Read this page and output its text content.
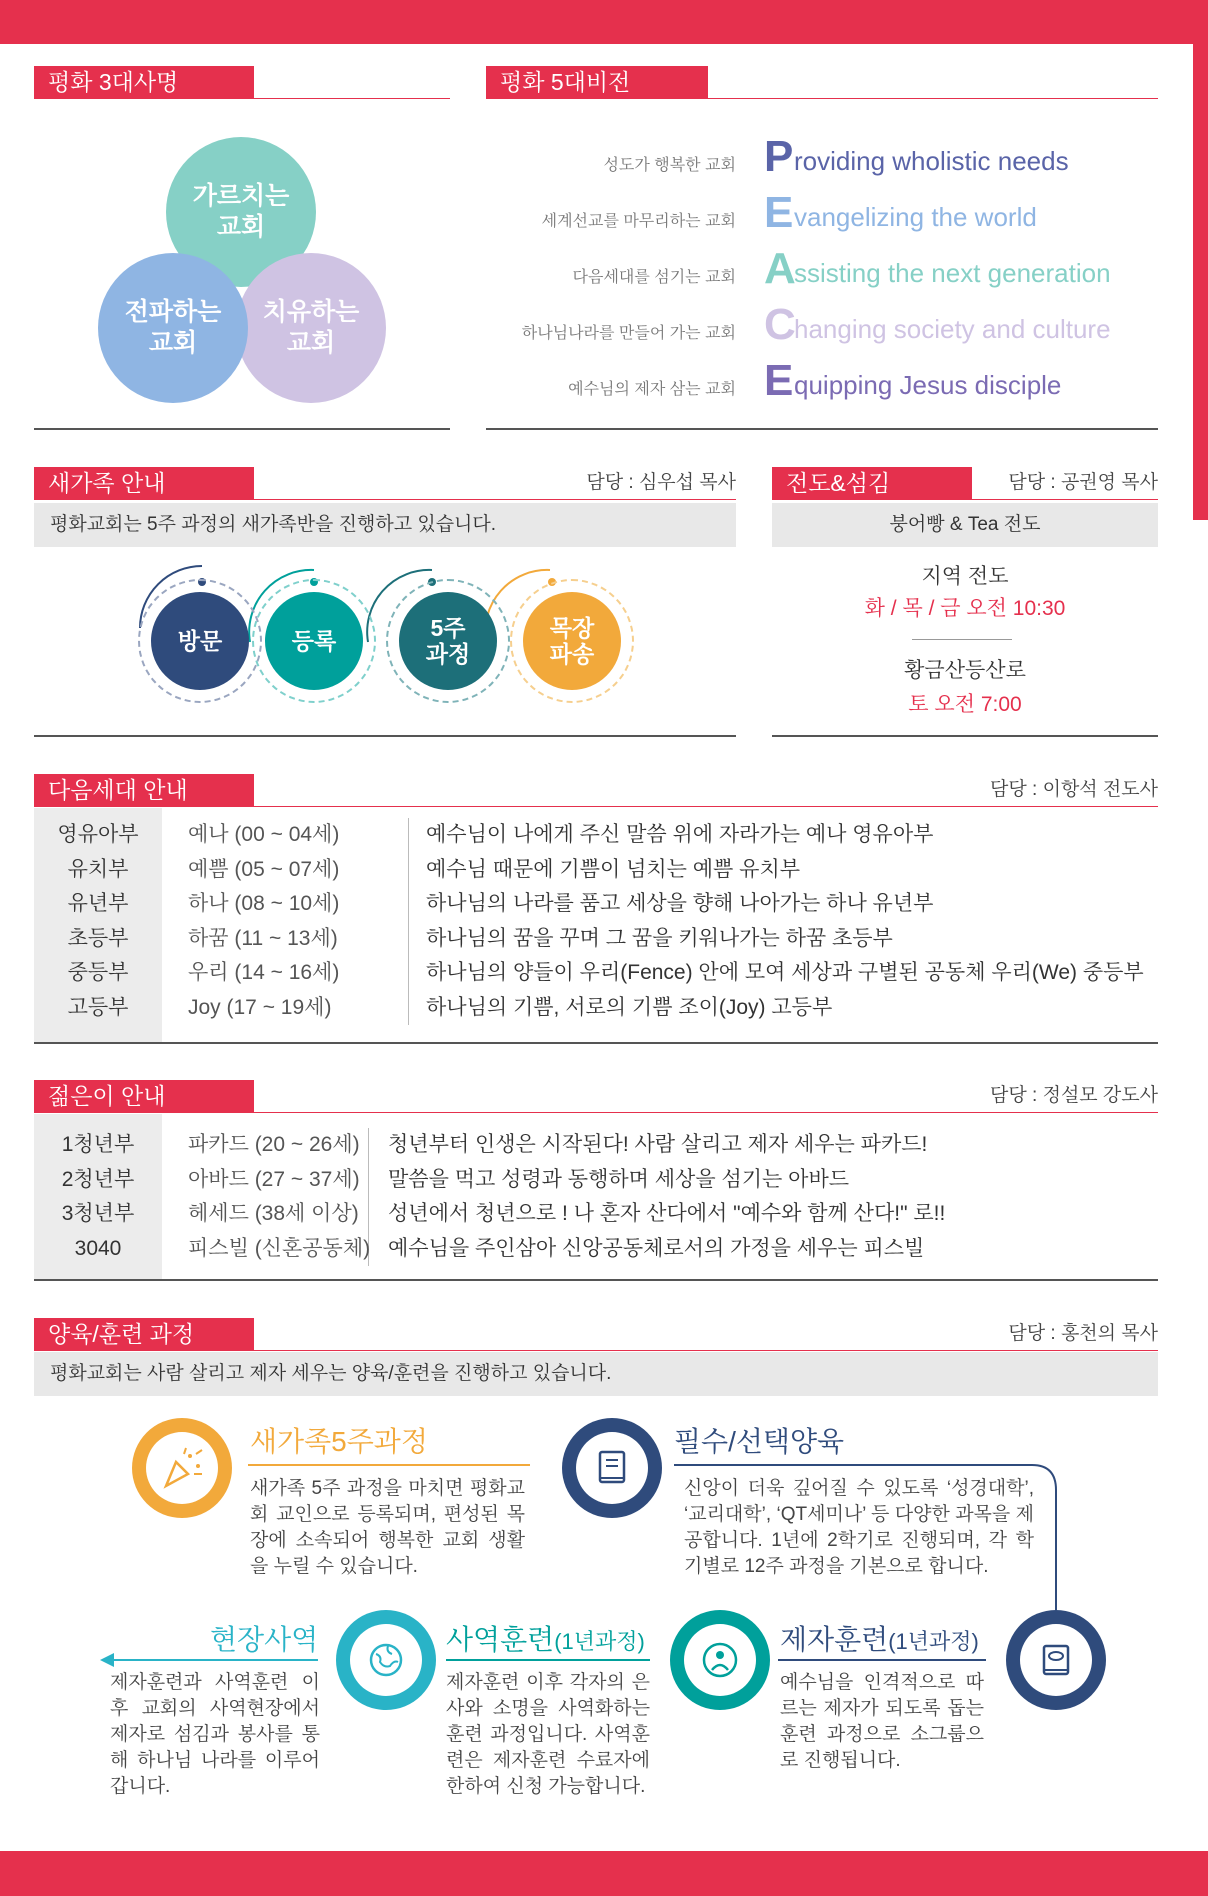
평화 3대사명
가르치는
교회
치유하는
교회
전파하는
교회
평화 5대비전
성도가 행복한 교회 P roviding wholistic needs
세계선교를 마무리하는 교회 E vangelizing the world
다음세대를 섬기는 교회 A
ssisting the next generation
하나님나라를 만들어 가는 교회 C
hanging society and culture
예수님의 제자 삼는 교회 E quipping Jesus disciple
새가족 안내	담당 : 심우섭 목사
평화교회는 5주 과정의 새가족반을 진행하고 있습니다.
방문	등록	5주
과정
목장
파송
전도&섬김	담당 : 공권영 목사
붕어빵 & Tea 전도
지역 전도
화 / 목 / 금 오전 10:30
황금산등산로
토 오전 7:00
다음세대 안내	담당 : 이항석 전도사
영유아부	예나 (00 ~ 04세)	예수님이 나에게 주신 말씀 위에 자라가는 예나 영유아부
유치부	예쁨 (05 ~ 07세)	예수님 때문에 기쁨이 넘치는 예쁨 유치부
유년부	하나 (08 ~ 10세)	하나님의 나라를 품고 세상을 향해 나아가는 하나 유년부
초등부	하꿈 (11 ~ 13세)	하나님의 꿈을 꾸며 그 꿈을 키워나가는 하꿈 초등부
중등부	우리 (14 ~ 16세)	하나님의 양들이 우리(Fence) 안에 모여 세상과 구별된 공동체 우리(We) 중등부
고등부	Joy (17 ~ 19세)	하나님의 기쁨, 서로의 기쁨 조이(Joy) 고등부
젊은이 안내	담당 : 정설모 강도사
1청년부	파카드 (20 ~ 26세) 청년부터 인생은 시작된다! 사람 살리고 제자 세우는 파카드!
2청년부	아바드 (27 ~ 37세) 말씀을 먹고 성령과 동행하며 세상을 섬기는 아바드
3청년부	헤세드 (38세 이상) 성년에서 청년으로 ! 나 혼자 산다에서 "예수와 함께 산다!" 로!!
3040	피스빌 (신혼공동체) 예수님을 주인삼아 신앙공동체로서의 가정을 세우는 피스빌
양육/훈련 과정	담당 : 홍천의 목사
평화교회는 사람 살리고 제자 세우는 양육/훈련을 진행하고 있습니다.
새가족5주과정
새가족 5주 과정을 마치면 평화교회 교인으로 등록되며, 편성된 목장에 소속되어 행복한 교회 생활을 누릴 수 있습니다.
필수/선택양육
신앙이 더욱 깊어질 수 있도록 ‘성경대학’, ‘교리대학’, ‘QT세미나’ 등 다양한 과목을 제공합니다. 1년에 2학기로 진행되며, 각 학기별로 12주 과정을 기본으로 합니다.
제자훈련(1년과정)
예수님을 인격적으로 따르는 제자가 되도록 돕는 훈련 과정으로 소그룹으로 진행됩니다.
사역훈련(1년과정)
제자훈련 이후 각자의 은사와 소명을 사역화하는 훈련 과정입니다. 사역훈련은 제자훈련 수료자에 한하여 신청 가능합니다.
현장사역
제자훈련과 사역훈련 이후 교회의 사역현장에서 제자로 섬김과 봉사를 통해 하나님 나라를 이루어 갑니다.
